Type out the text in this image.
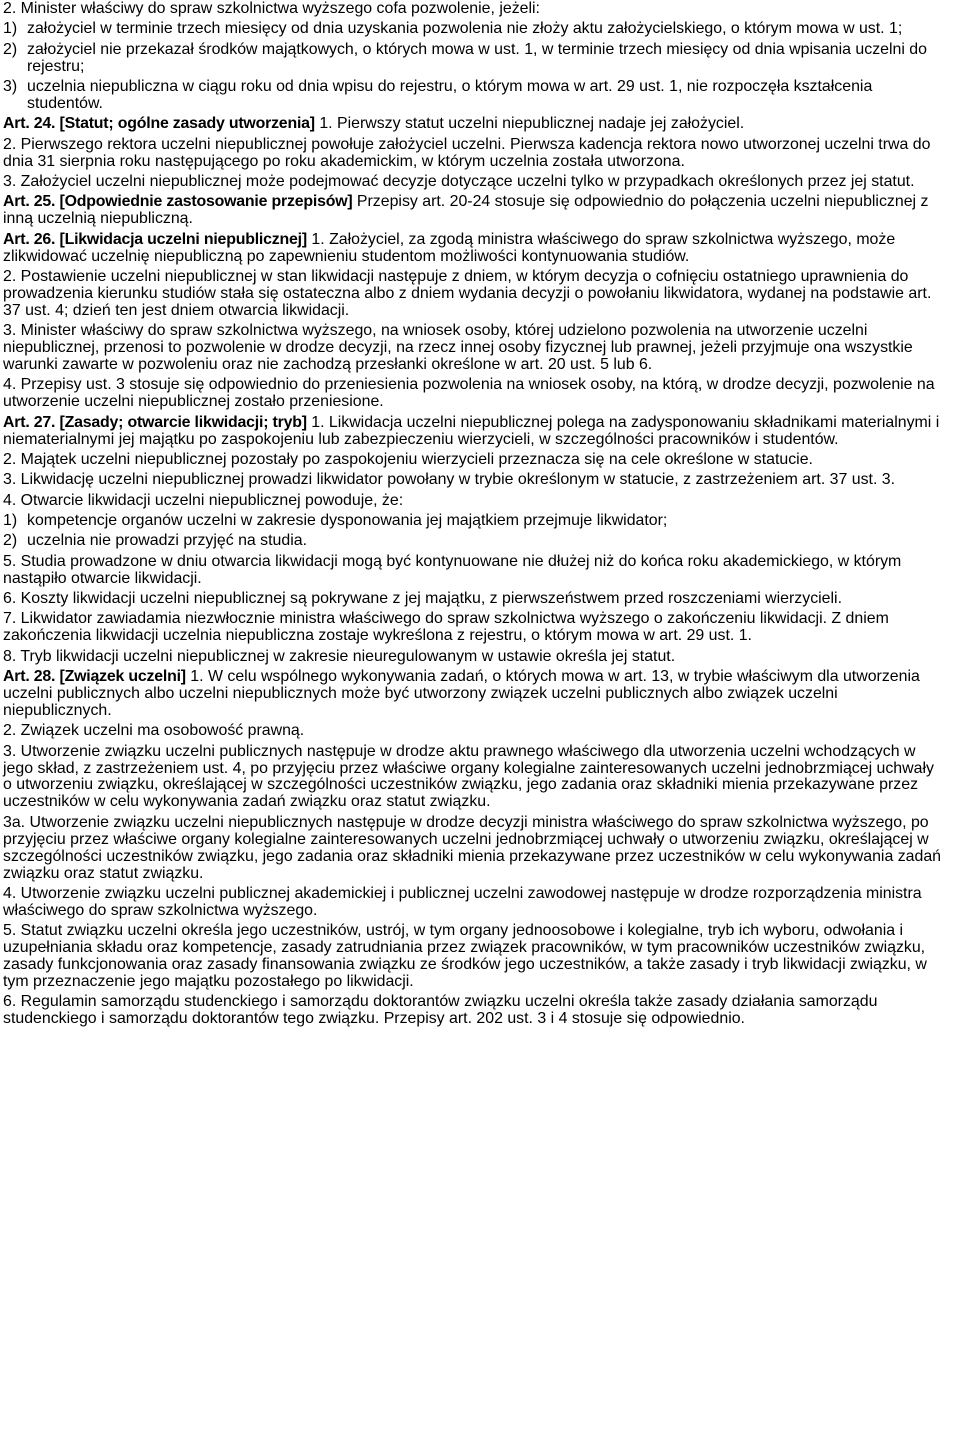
2. Minister właściwy do spraw szkolnictwa wyższego cofa pozwolenie, jeżeli:
1) założyciel w terminie trzech miesięcy od dnia uzyskania pozwolenia nie złoży aktu założycielskiego, o którym mowa w ust. 1;
2) założyciel nie przekazał środków majątkowych, o których mowa w ust. 1, w terminie trzech miesięcy od dnia wpisania uczelni do rejestru;
3) uczelnia niepubliczna w ciągu roku od dnia wpisu do rejestru, o którym mowa w art. 29 ust. 1, nie rozpoczęła kształcenia studentów.
Art. 24. [Statut; ogólne zasady utworzenia] 1. Pierwszy statut uczelni niepublicznej nadaje jej założyciel.
2. Pierwszego rektora uczelni niepublicznej powołuje założyciel uczelni. Pierwsza kadencja rektora nowo utworzonej uczelni trwa do dnia 31 sierpnia roku następującego po roku akademickim, w którym uczelnia została utworzona.
3. Założyciel uczelni niepublicznej może podejmować decyzje dotyczące uczelni tylko w przypadkach określonych przez jej statut.
Art. 25. [Odpowiednie zastosowanie przepisów] Przepisy art. 20-24 stosuje się odpowiednio do połączenia uczelni niepublicznej z inną uczelnią niepubliczną.
Art. 26. [Likwidacja uczelni niepublicznej] 1. Założyciel, za zgodą ministra właściwego do spraw szkolnictwa wyższego, może zlikwidować uczelnię niepubliczną po zapewnieniu studentom możliwości kontynuowania studiów.
2. Postawienie uczelni niepublicznej w stan likwidacji następuje z dniem, w którym decyzja o cofnięciu ostatniego uprawnienia do prowadzenia kierunku studiów stała się ostateczna albo z dniem wydania decyzji o powołaniu likwidatora, wydanej na podstawie art. 37 ust. 4; dzień ten jest dniem otwarcia likwidacji.
3. Minister właściwy do spraw szkolnictwa wyższego, na wniosek osoby, której udzielono pozwolenia na utworzenie uczelni niepublicznej, przenosi to pozwolenie w drodze decyzji, na rzecz innej osoby fizycznej lub prawnej, jeżeli przyjmuje ona wszystkie warunki zawarte w pozwoleniu oraz nie zachodzą przesłanki określone w art. 20 ust. 5 lub 6.
4. Przepisy ust. 3 stosuje się odpowiednio do przeniesienia pozwolenia na wniosek osoby, na którą, w drodze decyzji, pozwolenie na utworzenie uczelni niepublicznej zostało przeniesione.
Art. 27. [Zasady; otwarcie likwidacji; tryb] 1. Likwidacja uczelni niepublicznej polega na zadysponowaniu składnikami materialnymi i niematerialnymi jej majątku po zaspokojeniu lub zabezpieczeniu wierzycieli, w szczególności pracowników i studentów.
2. Majątek uczelni niepublicznej pozostały po zaspokojeniu wierzycieli przeznacza się na cele określone w statucie.
3. Likwidację uczelni niepublicznej prowadzi likwidator powołany w trybie określonym w statucie, z zastrzeżeniem art. 37 ust. 3.
4. Otwarcie likwidacji uczelni niepublicznej powoduje, że:
1) kompetencje organów uczelni w zakresie dysponowania jej majątkiem przejmuje likwidator;
2) uczelnia nie prowadzi przyjęć na studia.
5. Studia prowadzone w dniu otwarcia likwidacji mogą być kontynuowane nie dłużej niż do końca roku akademickiego, w którym nastąpiło otwarcie likwidacji.
6. Koszty likwidacji uczelni niepublicznej są pokrywane z jej majątku, z pierwszeństwem przed roszczeniami wierzycieli.
7. Likwidator zawiadamia niezwłocznie ministra właściwego do spraw szkolnictwa wyższego o zakończeniu likwidacji. Z dniem zakończenia likwidacji uczelnia niepubliczna zostaje wykreślona z rejestru, o którym mowa w art. 29 ust. 1.
8. Tryb likwidacji uczelni niepublicznej w zakresie nieuregulowanym w ustawie określa jej statut.
Art. 28. [Związek uczelni] 1. W celu wspólnego wykonywania zadań, o których mowa w art. 13, w trybie właściwym dla utworzenia uczelni publicznych albo uczelni niepublicznych może być utworzony związek uczelni publicznych albo związek uczelni niepublicznych.
2. Związek uczelni ma osobowość prawną.
3. Utworzenie związku uczelni publicznych następuje w drodze aktu prawnego właściwego dla utworzenia uczelni wchodzących w jego skład, z zastrzeżeniem ust. 4, po przyjęciu przez właściwe organy kolegialne zainteresowanych uczelni jednobrzmiącej uchwały o utworzeniu związku, określającej w szczególności uczestników związku, jego zadania oraz składniki mienia przekazywane przez uczestników w celu wykonywania zadań związku oraz statut związku.
3a. Utworzenie związku uczelni niepublicznych następuje w drodze decyzji ministra właściwego do spraw szkolnictwa wyższego, po przyjęciu przez właściwe organy kolegialne zainteresowanych uczelni jednobrzmiącej uchwały o utworzeniu związku, określającej w szczególności uczestników związku, jego zadania oraz składniki mienia przekazywane przez uczestników w celu wykonywania zadań związku oraz statut związku.
4. Utworzenie związku uczelni publicznej akademickiej i publicznej uczelni zawodowej następuje w drodze rozporządzenia ministra właściwego do spraw szkolnictwa wyższego.
5. Statut związku uczelni określa jego uczestników, ustrój, w tym organy jednoosobowe i kolegialne, tryb ich wyboru, odwołania i uzupełniania składu oraz kompetencje, zasady zatrudniania przez związek pracowników, w tym pracowników uczestników związku, zasady funkcjonowania oraz zasady finansowania związku ze środków jego uczestników, a także zasady i tryb likwidacji związku, w tym przeznaczenie jego majątku pozostałego po likwidacji.
6. Regulamin samorządu studenckiego i samorządu doktorantów związku uczelni określa także zasady działania samorządu studenckiego i samorządu doktorantów tego związku. Przepisy art. 202 ust. 3 i 4 stosuje się odpowiednio.
